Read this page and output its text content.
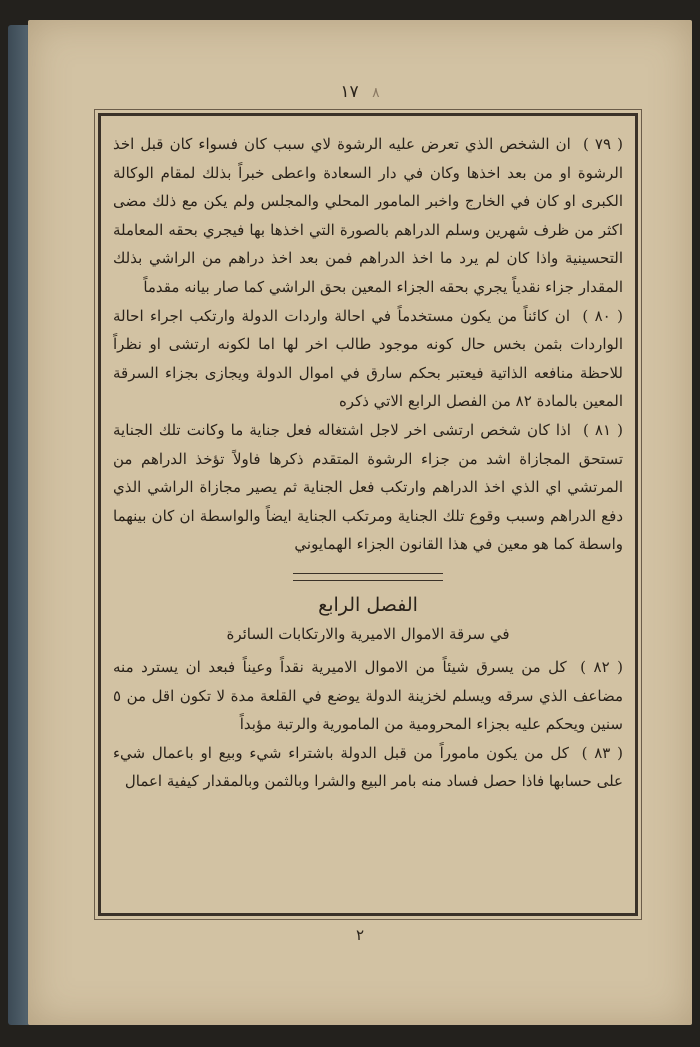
٨ ١٧

( ٧٩ ) ان الشخص الذي تعرض عليه الرشوة لاي سبب كان فسواء كان قبل اخذ الرشوة او من بعد اخذها وكان في دار السعادة واعطى خبراً بذلك لمقام الوكالة الكبرى او كان في الخارج واخبر المامور المحلي والمجلس ولم يكن مع ذلك مضى اكثر من ظرف شهرين وسلم الدراهم بالصورة التي اخذها بها فيجري بحقه المعاملة التحسينية واذا كان لم يرد ما اخذ الدراهم فمن بعد اخذ دراهم من الراشي بذلك المقدار جزاء نقدياً يجري بحقه الجزاء المعين بحق الراشي كما صار بيانه مقدماً

( ٨٠ ) ان كائناً من يكون مستخدماً في احالة واردات الدولة وارتكب اجراء احالة الواردات بثمن بخس حال كونه موجود طالب اخر لها اما لكونه ارتشى او نظراً للاحظة منافعه الذاتية فيعتبر بحكم سارق في اموال الدولة ويجازى بجزاء السرقة المعين بالمادة ٨٢ من الفصل الرابع الاتي ذكره

( ٨١ ) اذا كان شخص ارتشى اخر لاجل اشتغاله فعل جناية ما وكانت تلك الجناية تستحق المجازاة اشد من جزاء الرشوة المتقدم ذكرها فاولاً تؤخذ الدراهم من المرتشي اي الذي اخذ الدراهم وارتكب فعل الجناية ثم يصير مجازاة الراشي الذي دفع الدراهم وسبب وقوع تلك الجناية ومرتكب الجناية ايضاً والواسطة ان كان بينهما واسطة كما هو معين في هذا القانون الجزاء الهمايوني

الفصل الرابع
في سرقة الاموال الاميرية والارتكابات السائرة

( ٨٢ ) كل من يسرق شيئاً من الاموال الاميرية نقداً وعيناً فبعد ان يسترد منه مضاعف الذي سرقه ويسلم لخزينة الدولة يوضع في القلعة مدة لا تكون اقل من ٥ سنين ويحكم عليه بجزاء المحرومية من المامورية والرتبة مؤبداً

( ٨٣ ) كل من يكون ماموراً من قبل الدولة باشتراء شيء وبيع او باعمال شيء على حسابها فاذا حصل فساد منه بامر البيع والشرا وبالثمن وبالمقدار كيفية اعمال

٢
